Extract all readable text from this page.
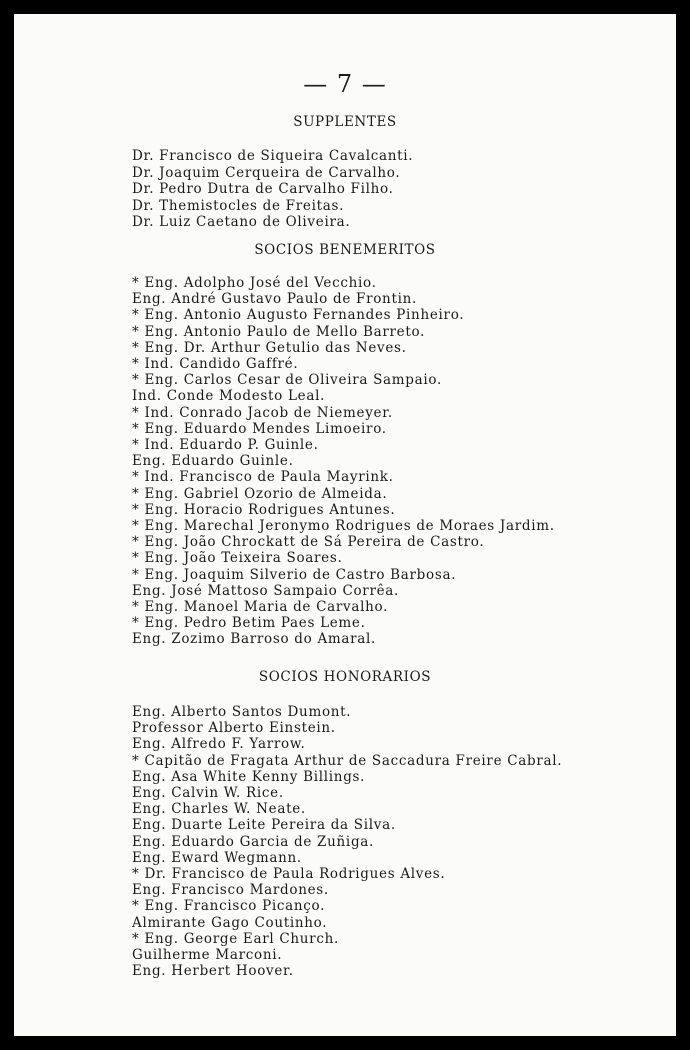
— 7 —
SUPPLENTES
Dr. Francisco de Siqueira Cavalcanti.
Dr. Joaquim Cerqueira de Carvalho.
Dr. Pedro Dutra de Carvalho Filho.
Dr. Themistocles de Freitas.
Dr. Luiz Caetano de Oliveira.
SOCIOS BENEMERITOS
* Eng. Adolpho José del Vecchio.
Eng. André Gustavo Paulo de Frontin.
* Eng. Antonio Augusto Fernandes Pinheiro.
* Eng. Antonio Paulo de Mello Barreto.
* Eng. Dr. Arthur Getulio das Neves.
* Ind. Candido Gaffré.
* Eng. Carlos Cesar de Oliveira Sampaio.
Ind. Conde Modesto Leal.
* Ind. Conrado Jacob de Niemeyer.
* Eng. Eduardo Mendes Limoeiro.
* Ind. Eduardo P. Guinle.
Eng. Eduardo Guinle.
* Ind. Francisco de Paula Mayrink.
* Eng. Gabriel Ozorio de Almeida.
* Eng. Horacio Rodrigues Antunes.
* Eng. Marechal Jeronymo Rodrigues de Moraes Jardim.
* Eng. João Chrockatt de Sá Pereira de Castro.
* Eng. João Teixeira Soares.
* Eng. Joaquim Silverio de Castro Barbosa.
Eng. José Mattoso Sampaio Corrêa.
* Eng. Manoel Maria de Carvalho.
* Eng. Pedro Betim Paes Leme.
Eng. Zozimo Barroso do Amaral.
SOCIOS HONORARIOS
Eng. Alberto Santos Dumont.
Professor Alberto Einstein.
Eng. Alfredo F. Yarrow.
* Capitão de Fragata Arthur de Saccadura Freire Cabral.
Eng. Asa White Kenny Billings.
Eng. Calvin W. Rice.
Eng. Charles W. Neate.
Eng. Duarte Leite Pereira da Silva.
Eng. Eduardo Garcia de Zuñiga.
Eng. Eward Wegmann.
* Dr. Francisco de Paula Rodrigues Alves.
Eng. Francisco Mardones.
* Eng. Francisco Picanço.
Almirante Gago Coutinho.
* Eng. George Earl Church.
Guilherme Marconi.
Eng. Herbert Hoover.
